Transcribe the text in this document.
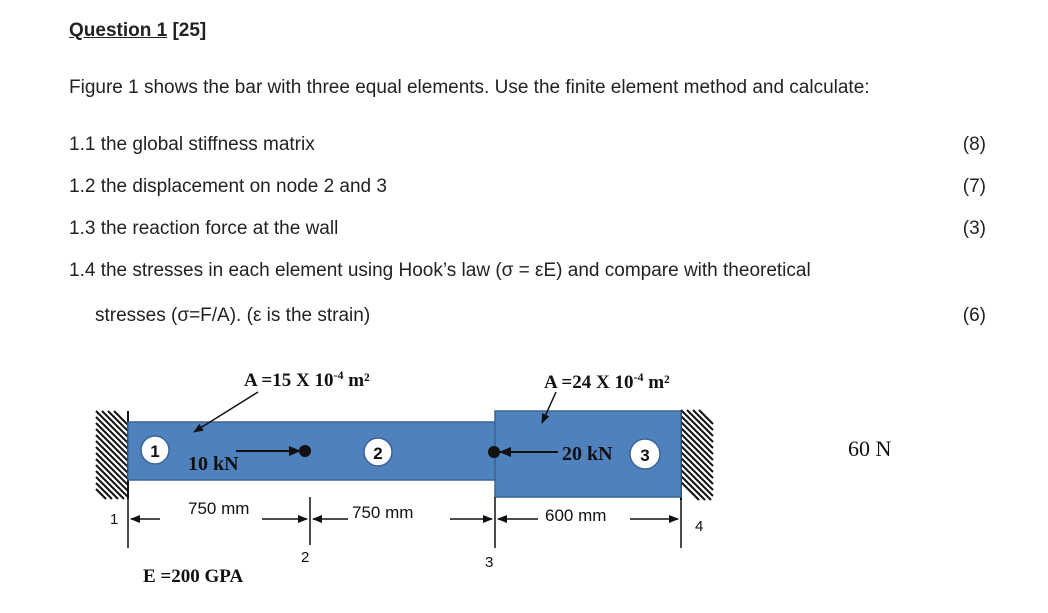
Question 1 [25]
Figure 1 shows the bar with three equal elements. Use the finite element method and calculate:
1.1 the global stiffness matrix	(8)
1.2 the displacement on node 2 and 3	(7)
1.3 the reaction force at the wall	(3)
1.4 the stresses in each element using Hook’s law (σ = εE) and compare with theoretical
stresses (σ=F/A). (ε is the strain)	(6)
A =15 X $10^{-4}$ m²	A =24 X $10^{-4}$ m²
1	2	3
10 kN	20 kN	60 N
750 mm	750 mm	600 mm
1
2	3
4
E =200 GPA
